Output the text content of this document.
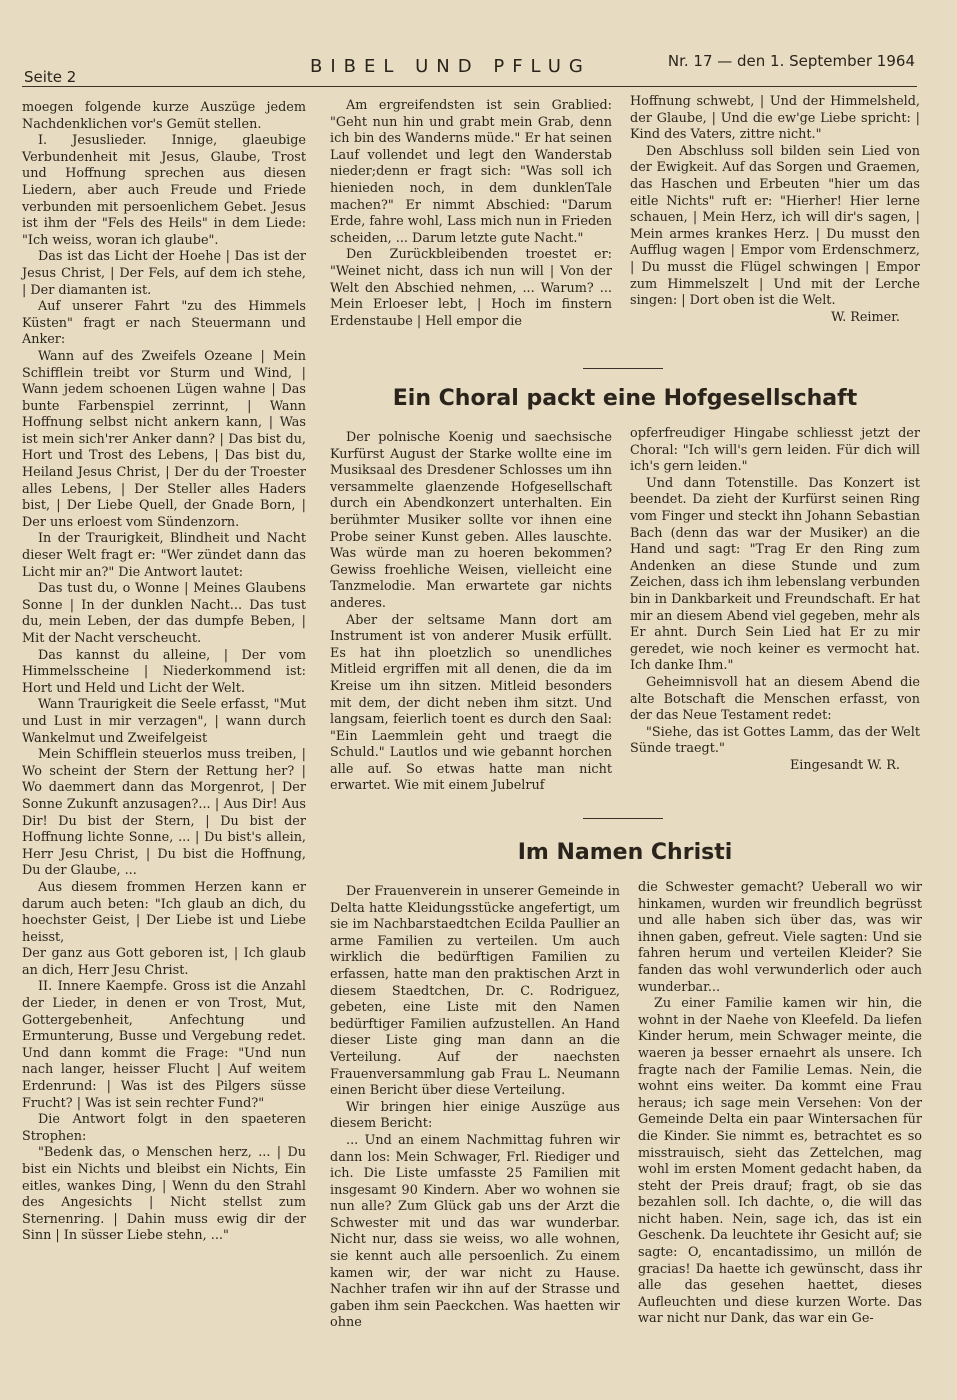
Seite 2	BIBEL UND PFLUG	Nr. 17 — den 1. September 1964

moegen folgende kurze Auszüge jedem Nachdenklichen vor's Gemüt stellen.

I. Jesuslieder. Innige, glaeubige Verbundenheit mit Jesus, Glaube, Trost und Hoffnung sprechen aus diesen Liedern, aber auch Freude und Friede verbunden mit persoenlichem Gebet. Jesus ist ihm der "Fels des Heils" in dem Liede: "Ich weiss, woran ich glaube".

Das ist das Licht der Hoehe | Das ist der Jesus Christ, | Der Fels, auf dem ich stehe, | Der diamanten ist.

Auf unserer Fahrt "zu des Himmels Küsten" fragt er nach Steuermann und Anker:

Wann auf des Zweifels Ozeane | Mein Schifflein treibt vor Sturm und Wind, | Wann jedem schoenen Lügen wahne | Das bunte Farbenspiel zerrinnt, | Wann Hoffnung selbst nicht ankern kann, | Was ist mein sich'rer Anker dann? | Das bist du, Hort und Trost des Lebens, | Das bist du, Heiland Jesus Christ, | Der du der Troester alles Lebens, | Der Steller alles Haders bist, | Der Liebe Quell, der Gnade Born, | Der uns erloest vom Sündenzorn.

In der Traurigkeit, Blindheit und Nacht dieser Welt fragt er: "Wer zündet dann das Licht mir an?" Die Antwort lautet:

Das tust du, o Wonne | Meines Glaubens Sonne | In der dunklen Nacht... Das tust du, mein Leben, der das dumpfe Beben, | Mit der Nacht verscheucht.

Das kannst du alleine, | Der vom Himmelsscheine | Niederkommend ist: Hort und Held und Licht der Welt.

Wann Traurigkeit die Seele erfasst, "Mut und Lust in mir verzagen", | wann durch Wankelmut und Zweifelgeist

Mein Schifflein steuerlos muss treiben, | Wo scheint der Stern der Rettung her? | Wo daemmert dann das Morgenrot, | Der Sonne Zukunft anzusagen?... | Aus Dir! Aus Dir! Du bist der Stern, | Du bist der Hoffnung lichte Sonne, ... | Du bist's allein, Herr Jesu Christ, | Du bist die Hoffnung, Du der Glaube, ...

Aus diesem frommen Herzen kann er darum auch beten: "Ich glaub an dich, du hoechster Geist, | Der Liebe ist und Liebe heisst,

Der ganz aus Gott geboren ist, | Ich glaub an dich, Herr Jesu Christ.

II. Innere Kaempfe. Gross ist die Anzahl der Lieder, in denen er von Trost, Mut, Gottergebenheit, Anfechtung und Ermunterung, Busse und Vergebung redet. Und dann kommt die Frage: "Und nun nach langer, heisser Flucht | Auf weitem Erdenrund: | Was ist des Pilgers süsse Frucht? | Was ist sein rechter Fund?"

Die Antwort folgt in den spaeteren Strophen:

"Bedenk das, o Menschen herz, ... | Du bist ein Nichts und bleibst ein Nichts, Ein eitles, wankes Ding, | Wenn du den Strahl des Angesichts | Nicht stellst zum Sternenring. | Dahin muss ewig dir der Sinn | In süsser Liebe stehn, ..."

Am ergreifendsten ist sein Grablied: "Geht nun hin und grabt mein Grab, denn ich bin des Wanderns müde." Er hat seinen Lauf vollendet und legt den Wanderstab nieder;denn er fragt sich: "Was soll ich hienieden noch, in dem dunklenTale machen?" Er nimmt Abschied: "Darum Erde, fahre wohl, Lass mich nun in Frieden scheiden, ... Darum letzte gute Nacht."

Den Zurückbleibenden troestet er: "Weinet nicht, dass ich nun will | Von der Welt den Abschied nehmen, ... Warum? ... Mein Erloeser lebt, | Hoch im finstern Erdenstaube | Hell empor die

Hoffnung schwebt, | Und der Himmelsheld, der Glaube, | Und die ew'ge Liebe spricht: | Kind des Vaters, zittre nicht."

Den Abschluss soll bilden sein Lied von der Ewigkeit. Auf das Sorgen und Graemen, das Haschen und Erbeuten "hier um das eitle Nichts" ruft er: "Hierher! Hier lerne schauen, | Mein Herz, ich will dir's sagen, | Mein armes krankes Herz. | Du musst den Aufflug wagen | Empor vom Erdenschmerz, | Du musst die Flügel schwingen | Empor zum Himmelszelt | Und mit der Lerche singen: | Dort oben ist die Welt.

W. Reimer.

Ein Choral packt eine Hofgesellschaft

Der polnische Koenig und saechsische Kurfürst August der Starke wollte eine im Musiksaal des Dresdener Schlosses um ihn versammelte glaenzende Hofgesellschaft durch ein Abendkonzert unterhalten. Ein berühmter Musiker sollte vor ihnen eine Probe seiner Kunst geben. Alles lauschte. Was würde man zu hoeren bekommen? Gewiss froehliche Weisen, vielleicht eine Tanzmelodie. Man erwartete gar nichts anderes.

Aber der seltsame Mann dort am Instrument ist von anderer Musik erfüllt. Es hat ihn ploetzlich so unendliches Mitleid ergriffen mit all denen, die da im Kreise um ihn sitzen. Mitleid besonders mit dem, der dicht neben ihm sitzt. Und langsam, feierlich toent es durch den Saal: "Ein Laemmlein geht und traegt die Schuld." Lautlos und wie gebannt horchen alle auf. So etwas hatte man nicht erwartet. Wie mit einem Jubelruf

opferfreudiger Hingabe schliesst jetzt der Choral: "Ich will's gern leiden. Für dich will ich's gern leiden."

Und dann Totenstille. Das Konzert ist beendet. Da zieht der Kurfürst seinen Ring vom Finger und steckt ihn Johann Sebastian Bach (denn das war der Musiker) an die Hand und sagt: "Trag Er den Ring zum Andenken an diese Stunde und zum Zeichen, dass ich ihm lebenslang verbunden bin in Dankbarkeit und Freundschaft. Er hat mir an diesem Abend viel gegeben, mehr als Er ahnt. Durch Sein Lied hat Er zu mir geredet, wie noch keiner es vermocht hat. Ich danke Ihm."

Geheimnisvoll hat an diesem Abend die alte Botschaft die Menschen erfasst, von der das Neue Testament redet:

"Siehe, das ist Gottes Lamm, das der Welt Sünde traegt."

Eingesandt W. R.

Im Namen Christi

Der Frauenverein in unserer Gemeinde in Delta hatte Kleidungsstücke angefertigt, um sie im Nachbarstaedtchen Ecilda Paullier an arme Familien zu verteilen. Um auch wirklich die bedürftigen Familien zu erfassen, hatte man den praktischen Arzt in diesem Staedtchen, Dr. C. Rodriguez, gebeten, eine Liste mit den Namen bedürftiger Familien aufzustellen. An Hand dieser Liste ging man dann an die Verteilung. Auf der naechsten Frauenversammlung gab Frau L. Neumann einen Bericht über diese Verteilung.

Wir bringen hier einige Auszüge aus diesem Bericht:

... Und an einem Nachmittag fuhren wir dann los: Mein Schwager, Frl. Riediger und ich. Die Liste umfasste 25 Familien mit insgesamt 90 Kindern. Aber wo wohnen sie nun alle? Zum Glück gab uns der Arzt die Schwester mit und das war wunderbar. Nicht nur, dass sie weiss, wo alle wohnen, sie kennt auch alle persoenlich. Zu einem kamen wir, der war nicht zu Hause. Nachher trafen wir ihn auf der Strasse und gaben ihm sein Paeckchen. Was haetten wir ohne

die Schwester gemacht? Ueberall wo wir hinkamen, wurden wir freundlich begrüsst und alle haben sich über das, was wir ihnen gaben, gefreut. Viele sagten: Und sie fahren herum und verteilen Kleider? Sie fanden das wohl verwunderlich oder auch wunderbar...

Zu einer Familie kamen wir hin, die wohnt in der Naehe von Kleefeld. Da liefen Kinder herum, mein Schwager meinte, die waeren ja besser ernaehrt als unsere. Ich fragte nach der Familie Lemas. Nein, die wohnt eins weiter. Da kommt eine Frau heraus; ich sage mein Versehen: Von der Gemeinde Delta ein paar Wintersachen für die Kinder. Sie nimmt es, betrachtet es so misstrauisch, sieht das Zettelchen, mag wohl im ersten Moment gedacht haben, da steht der Preis drauf; fragt, ob sie das bezahlen soll. Ich dachte, o, die will das nicht haben. Nein, sage ich, das ist ein Geschenk. Da leuchtete ihr Gesicht auf; sie sagte: O, encantadissimo, un millón de gracias! Da haette ich gewünscht, dass ihr alle das gesehen haettet, dieses Aufleuchten und diese kurzen Worte. Das war nicht nur Dank, das war ein Ge-
